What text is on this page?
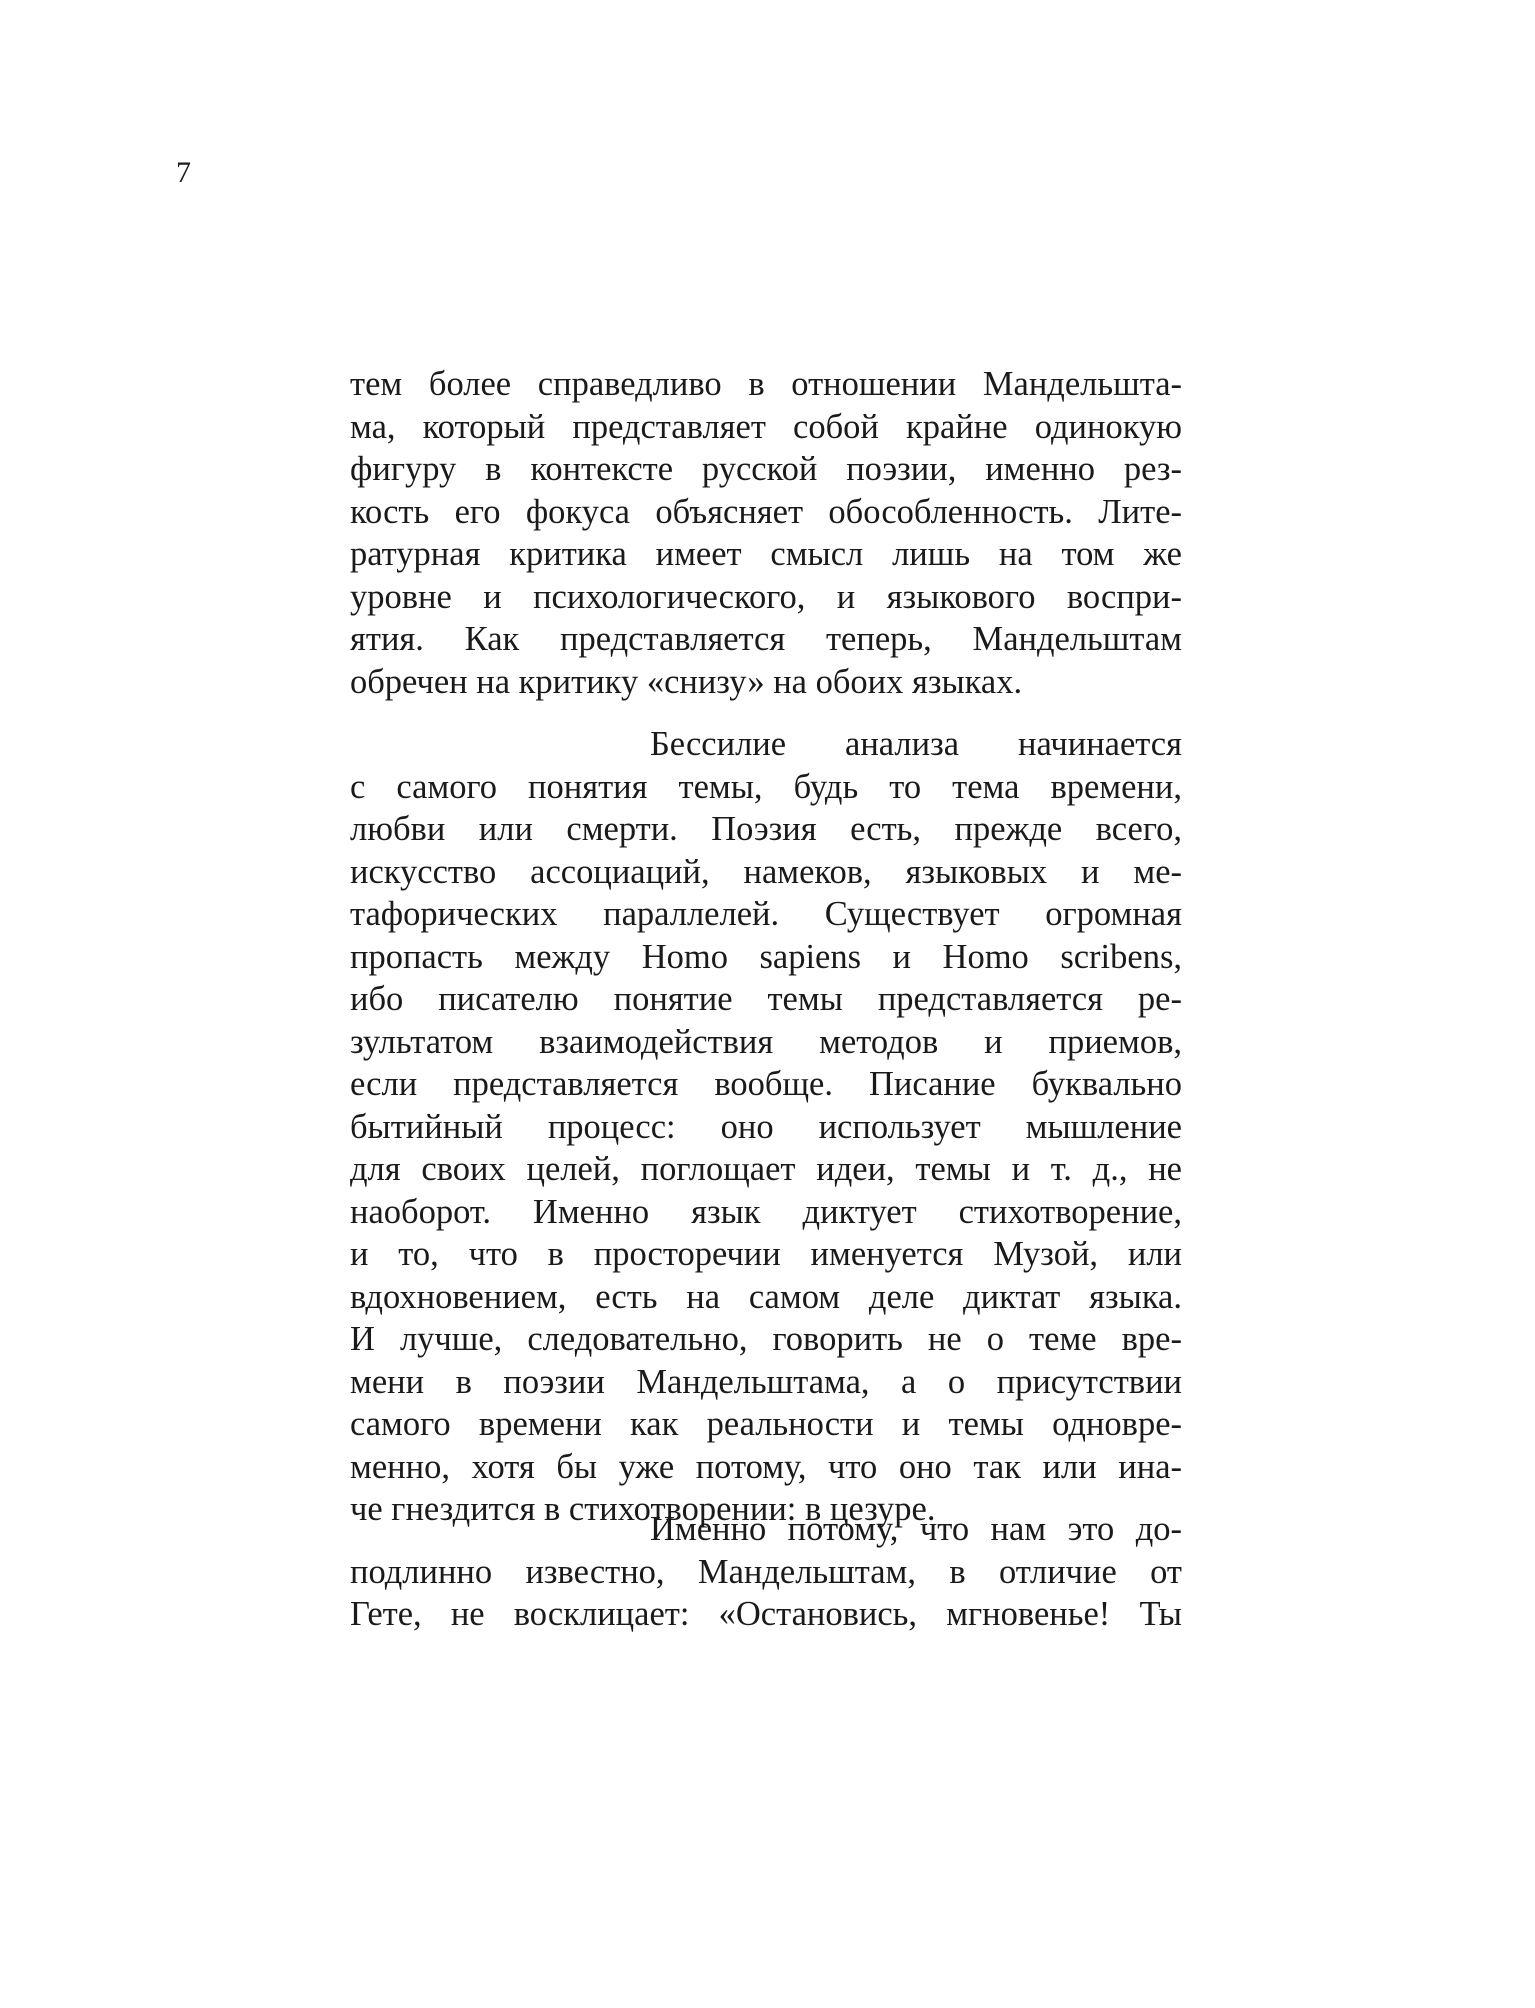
7
тем более справедливо в отношении Мандельшта-
ма, который представляет собой крайне одинокую
фигуру в контексте русской поэзии, именно рез-
кость его фокуса объясняет обособленность. Лите-
ратурная критика имеет смысл лишь на том же
уровне и психологического, и языкового воспри-
ятия. Как представляется теперь, Мандельштам
обречен на критику «снизу» на обоих языках.
Бессилие анализа начинается
с самого понятия темы, будь то тема времени,
любви или смерти. Поэзия есть, прежде всего,
искусство ассоциаций, намеков, языковых и ме-
тафорических параллелей. Существует огромная
пропасть между Homo sapiens и Homo scribens,
ибо писателю понятие темы представляется ре-
зультатом взаимодействия методов и приемов,
если представляется вообще. Писание буквально
бытийный процесс: оно использует мышление
для своих целей, поглощает идеи, темы и т. д., не
наоборот. Именно язык диктует стихотворение,
и то, что в просторечии именуется Музой, или
вдохновением, есть на самом деле диктат языка.
И лучше, следовательно, говорить не о теме вре-
мени в поэзии Мандельштама, а о присутствии
самого времени как реальности и темы одновре-
менно, хотя бы уже потому, что оно так или ина-
че гнездится в стихотворении: в цезуре.
Именно потому, что нам это до-
подлинно известно, Мандельштам, в отличие от
Гете, не восклицает: «Остановись, мгновенье! Ты
